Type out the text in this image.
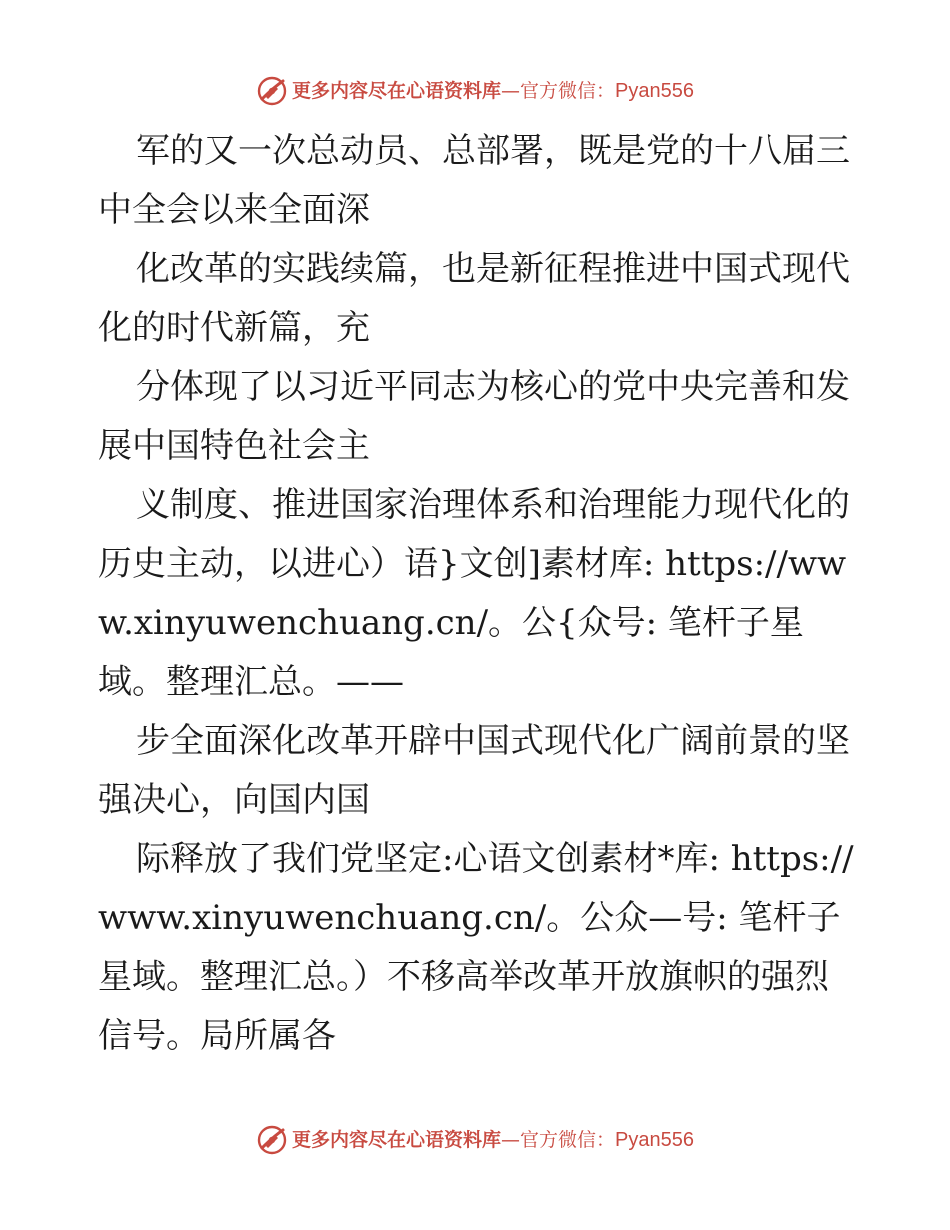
更多内容尽在心语资料库 — 官方微信： Pyan556

军的又一次总动员、总部署，既是党的十八届三中全会以来全面深

化改革的实践续篇，也是新征程推进中国式现代化的时代新篇，充

分体现了以习近平同志为核心的党中央完善和发展中国特色社会主

义制度、推进国家治理体系和治理能力现代化的历史主动，以进心）语}文创]素材库: https://www.xinyuwenchuang.cn/。公{众号: 笔杆子星域。整理汇总。——

步全面深化改革开辟中国式现代化广阔前景的坚强决心，向国内国

际释放了我们党坚定:心语文创素材*库: https://www.xinyuwenchuang.cn/。公众—号: 笔杆子星域。整理汇总。）不移高举改革开放旗帜的强烈信号。局所属各

更多内容尽在心语资料库 — 官方微信： Pyan556
